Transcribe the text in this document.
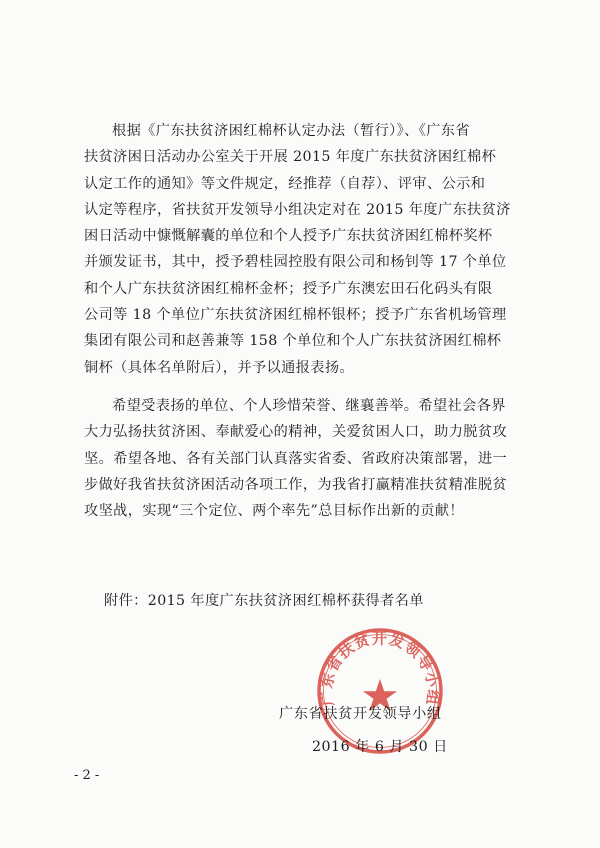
根据《广东扶贫济困红棉杯认定办法（暂行）》、《广东省

扶贫济困日活动办公室关于开展 2015 年度广东扶贫济困红棉杯

认定工作的通知》等文件规定，经推荐（自荐）、评审、公示和

认定等程序，省扶贫开发领导小组决定对在 2015 年度广东扶贫济

困日活动中慷慨解囊的单位和个人授予广东扶贫济困红棉杯奖杯

并颁发证书，其中，授予碧桂园控股有限公司和杨钊等 17 个单位

和个人广东扶贫济困红棉杯金杯；授予广东澳宏田石化码头有限

公司等 18 个单位广东扶贫济困红棉杯银杯；授予广东省机场管理

集团有限公司和赵善兼等 158 个单位和个人广东扶贫济困红棉杯

铜杯（具体名单附后），并予以通报表扬。

希望受表扬的单位、个人珍惜荣誉、继襄善举。希望社会各界

大力弘扬扶贫济困、奉献爱心的精神，关爱贫困人口，助力脱贫攻

坚。希望各地、各有关部门认真落实省委、省政府决策部署，进一

步做好我省扶贫济困活动各项工作，为我省打赢精准扶贫精准脱贫

攻坚战，实现“三个定位、两个率先”总目标作出新的贡献！

附件：2015 年度广东扶贫济困红棉杯获得者名单
广东省扶贫开发领导小组
2016 年 6 月 30 日
广东省扶贫开发领导小组
- 2 -
